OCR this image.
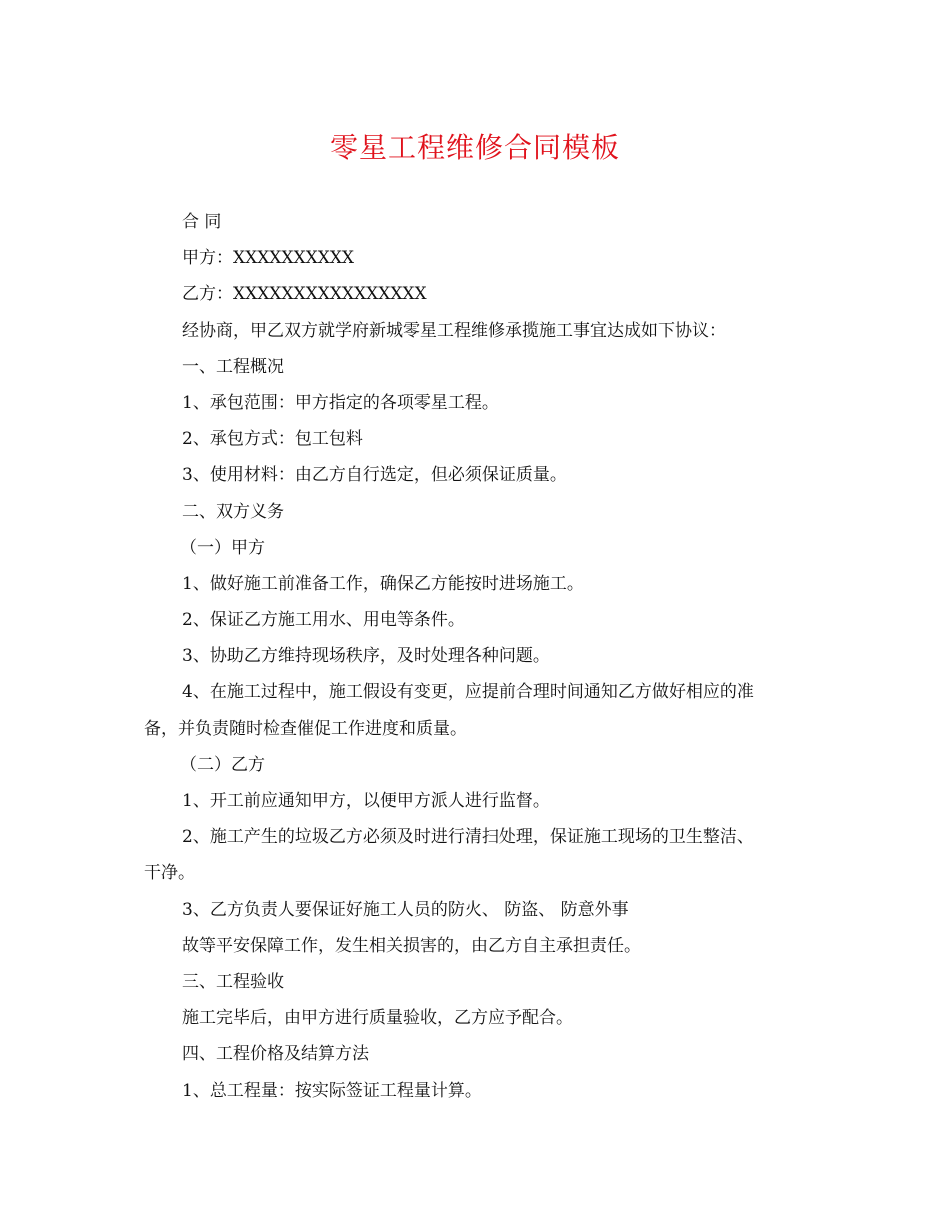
零星工程维修合同模板
合 同
甲方：XXXXXXXXXX
乙方：XXXXXXXXXXXXXXXX
经协商，甲乙双方就学府新城零星工程维修承揽施工事宜达成如下协议：
一、工程概况
1、承包范围：甲方指定的各项零星工程。
2、承包方式：包工包料
3、使用材料：由乙方自行选定，但必须保证质量。
二、双方义务
（一）甲方
1、做好施工前准备工作，确保乙方能按时进场施工。
2、保证乙方施工用水、用电等条件。
3、协助乙方维持现场秩序，及时处理各种问题。
4、在施工过程中，施工假设有变更，应提前合理时间通知乙方做好相应的准
备，并负责随时检查催促工作进度和质量。
（二）乙方
1、开工前应通知甲方，以便甲方派人进行监督。
2、施工产生的垃圾乙方必须及时进行清扫处理，保证施工现场的卫生整洁、
干净。
3、乙方负责人要保证好施工人员的防火、 防盗、 防意外事
故等平安保障工作，发生相关损害的，由乙方自主承担责任。
三、工程验收
施工完毕后，由甲方进行质量验收，乙方应予配合。
四、工程价格及结算方法
1、总工程量：按实际签证工程量计算。
